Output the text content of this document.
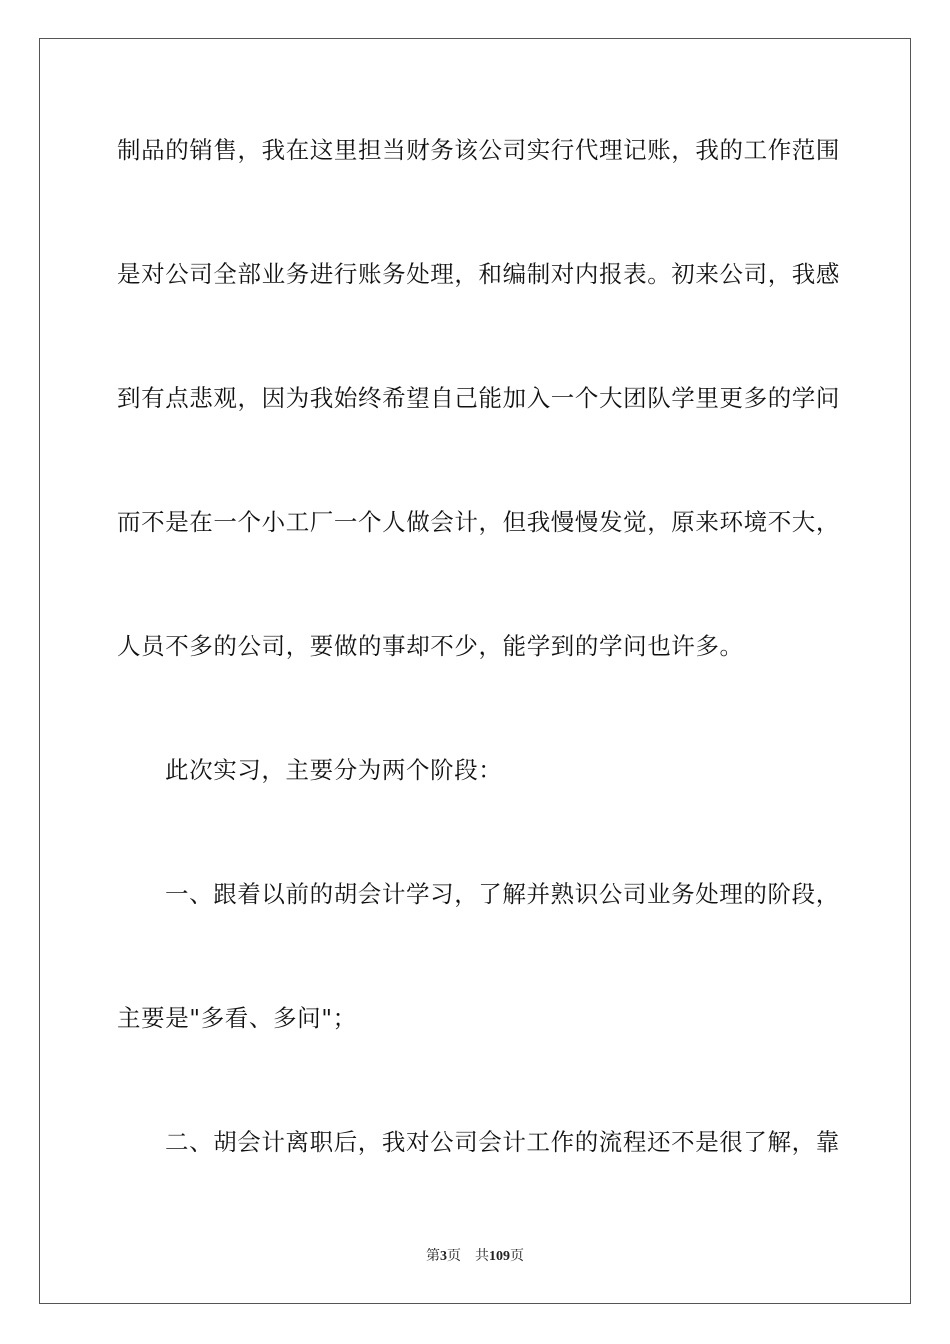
制品的销售，我在这里担当财务该公司实行代理记账，我的工作范围
是对公司全部业务进行账务处理，和编制对内报表。初来公司，我感
到有点悲观，因为我始终希望自己能加入一个大团队学里更多的学问
而不是在一个小工厂一个人做会计，但我慢慢发觉，原来环境不大，
人员不多的公司，要做的事却不少，能学到的学问也许多。
此次实习，主要分为两个阶段：
一、跟着以前的胡会计学习，了解并熟识公司业务处理的阶段，
主要是"多看、多问"；
二、胡会计离职后，我对公司会计工作的流程还不是很了解，靠
第3页 共109页
